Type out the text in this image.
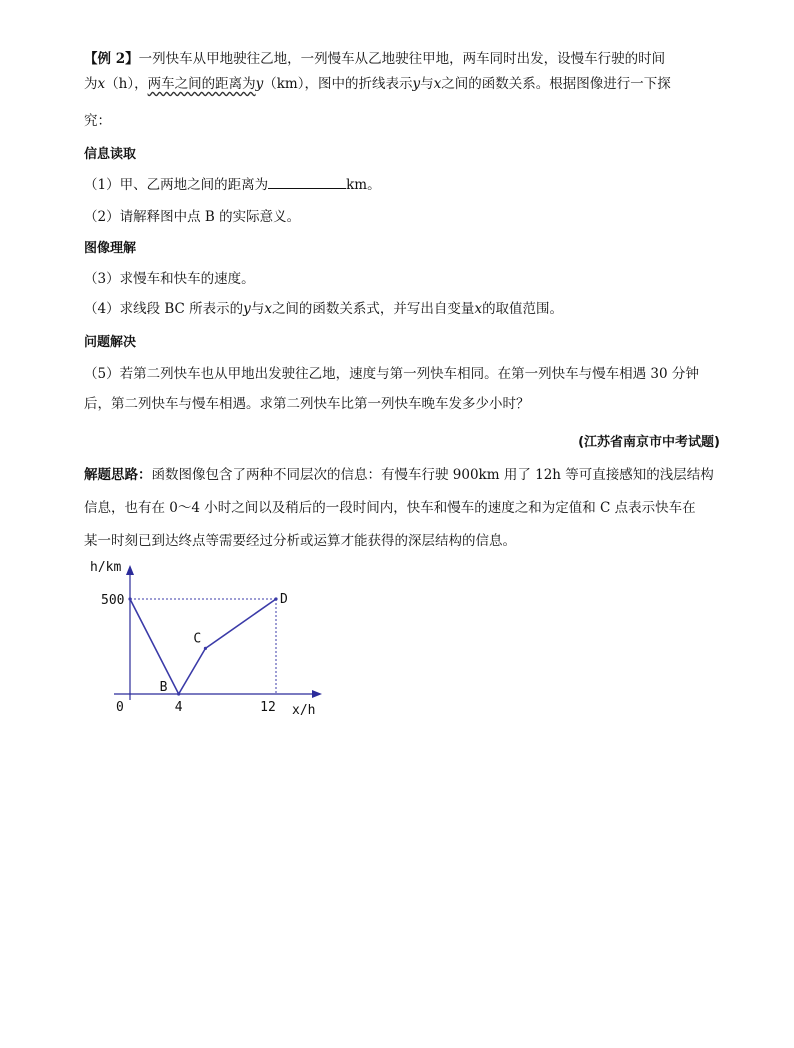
【例 2】一列快车从甲地驶往乙地，一列慢车从乙地驶往甲地，两车同时出发，设慢车行驶的时间
为x（h），两车之间的距离为y（km），图中的折线表示y与x之间的函数关系。根据图像进行一下探
究：
信息读取
（1）甲、乙两地之间的距离为	km。
（2）请解释图中点 B 的实际意义。
图像理解
（3）求慢车和快车的速度。
（4）求线段 BC 所表示的y与x之间的函数关系式，并写出自变量x的取值范围。
问题解决
（5）若第二列快车也从甲地出发驶往乙地，速度与第一列快车相同。在第一列快车与慢车相遇 30 分钟
后，第二列快车与慢车相遇。求第二列快车比第一列快车晚车发多少小时？
(江苏省南京市中考试题)
解题思路：函数图像包含了两种不同层次的信息：有慢车行驶 900km 用了 12h 等可直接感知的浅层结构
信息，也有在 0～4 小时之间以及稍后的一段时间内，快车和慢车的速度之和为定值和 C 点表示快车在
某一时刻已到达终点等需要经过分析或运算才能获得的深层结构的信息。
h/km
x/h
0
500
4	12
B
C
D
